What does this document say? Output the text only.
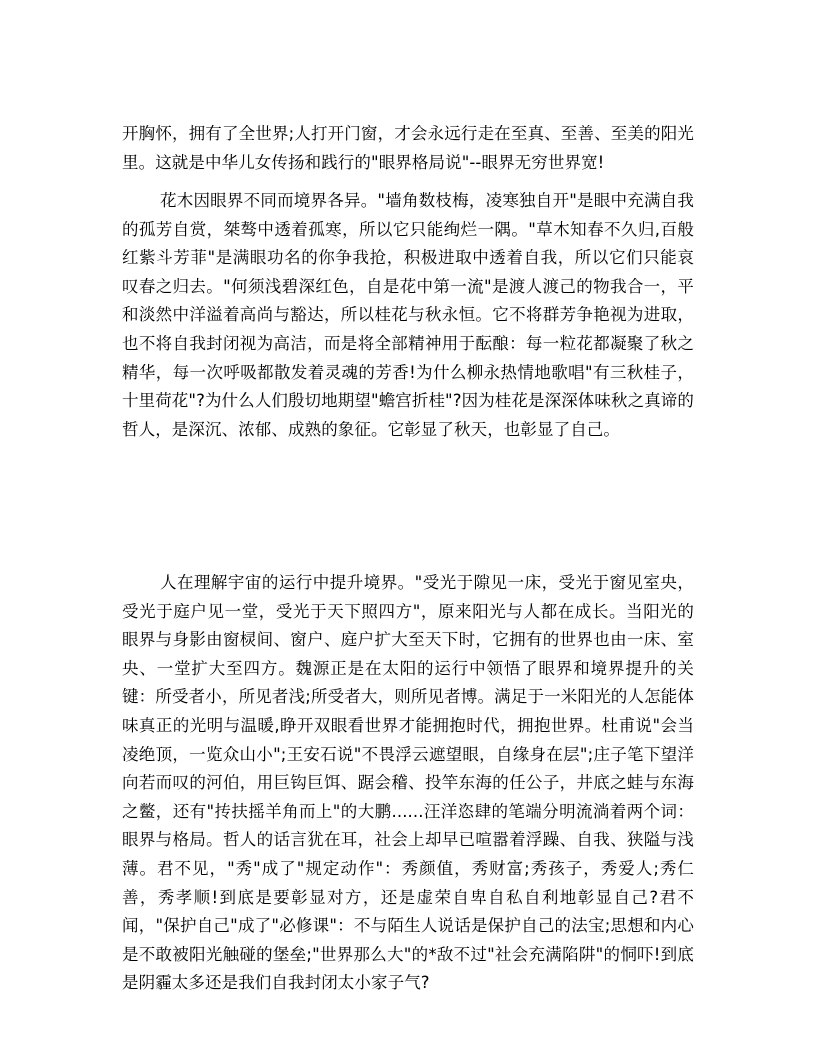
开胸怀，拥有了全世界;人打开门窗，才会永远行走在至真、至善、至美的阳光里。这就是中华儿女传扬和践行的"眼界格局说"--眼界无穷世界宽!

花木因眼界不同而境界各异。"墙角数枝梅，凌寒独自开"是眼中充满自我的孤芳自赏，桀骜中透着孤寒，所以它只能绚烂一隅。"草木知春不久归,百般红紫斗芳菲"是满眼功名的你争我抢，积极进取中透着自我，所以它们只能哀叹春之归去。"何须浅碧深红色，自是花中第一流"是渡人渡己的物我合一，平和淡然中洋溢着高尚与豁达，所以桂花与秋永恒。它不将群芳争艳视为进取，也不将自我封闭视为高洁，而是将全部精神用于酝酿：每一粒花都凝聚了秋之精华，每一次呼吸都散发着灵魂的芳香!为什么柳永热情地歌唱"有三秋桂子，十里荷花"?为什么人们殷切地期望"蟾宫折桂"?因为桂花是深深体味秋之真谛的哲人，是深沉、浓郁、成熟的象征。它彰显了秋天，也彰显了自己。

人在理解宇宙的运行中提升境界。"受光于隙见一床，受光于窗见室央，受光于庭户见一堂，受光于天下照四方"，原来阳光与人都在成长。当阳光的眼界与身影由窗棂间、窗户、庭户扩大至天下时，它拥有的世界也由一床、室央、一堂扩大至四方。魏源正是在太阳的运行中领悟了眼界和境界提升的关键：所受者小，所见者浅;所受者大，则所见者博。满足于一米阳光的人怎能体味真正的光明与温暖,睁开双眼看世界才能拥抱时代，拥抱世界。杜甫说"会当凌绝顶，一览众山小";王安石说"不畏浮云遮望眼，自缘身在层";庄子笔下望洋向若而叹的河伯，用巨钩巨饵、踞会稽、投竿东海的任公子，井底之蛙与东海之鳖，还有"抟扶摇羊角而上"的大鹏......汪洋恣肆的笔端分明流淌着两个词：眼界与格局。哲人的话言犹在耳，社会上却早已喧嚣着浮躁、自我、狭隘与浅薄。君不见，"秀"成了"规定动作"：秀颜值，秀财富;秀孩子，秀爱人;秀仁善，秀孝顺!到底是要彰显对方，还是虚荣自卑自私自利地彰显自己?君不闻，"保护自己"成了"必修课"：不与陌生人说话是保护自己的法宝;思想和内心是不敢被阳光触碰的堡垒;"世界那么大"的*敌不过"社会充满陷阱"的恫吓!到底是阴霾太多还是我们自我封闭太小家子气?
